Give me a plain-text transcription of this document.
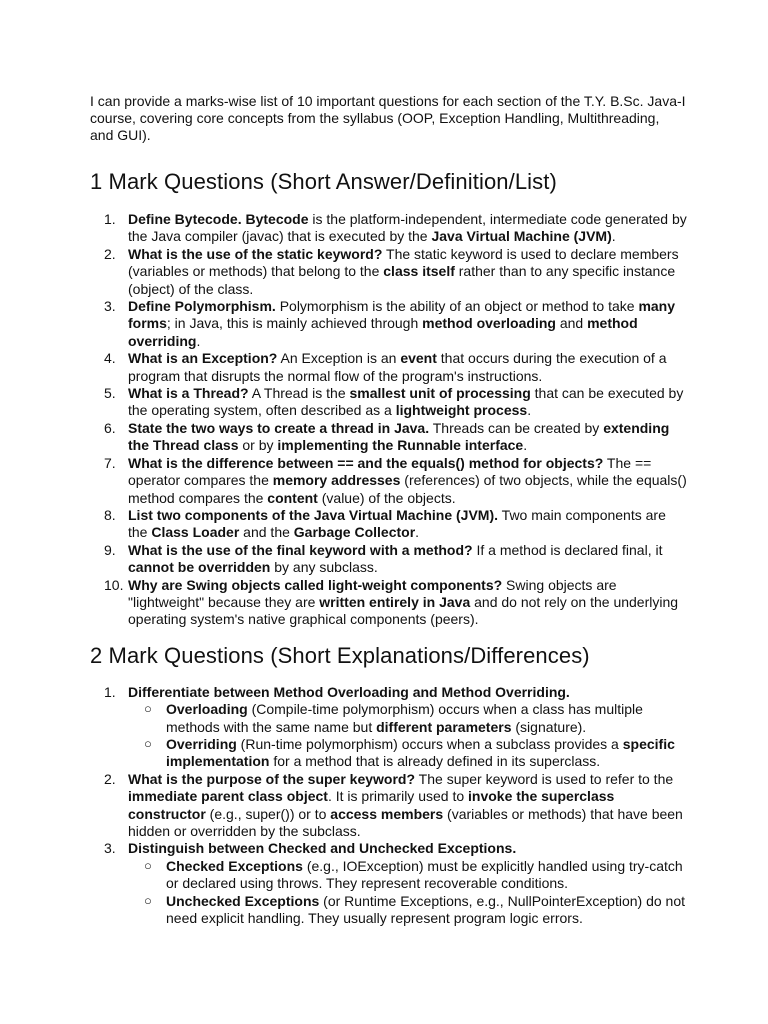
I can provide a marks-wise list of 10 important questions for each section of the T.Y. B.Sc. Java-I course, covering core concepts from the syllabus (OOP, Exception Handling, Multithreading, and GUI).

1 Mark Questions (Short Answer/Definition/List)
1. Define Bytecode. Bytecode is the platform-independent, intermediate code generated by the Java compiler (javac) that is executed by the Java Virtual Machine (JVM).
2. What is the use of the static keyword? The static keyword is used to declare members (variables or methods) that belong to the class itself rather than to any specific instance (object) of the class.
3. Define Polymorphism. Polymorphism is the ability of an object or method to take many forms; in Java, this is mainly achieved through method overloading and method overriding.
4. What is an Exception? An Exception is an event that occurs during the execution of a program that disrupts the normal flow of the program's instructions.
5. What is a Thread? A Thread is the smallest unit of processing that can be executed by the operating system, often described as a lightweight process.
6. State the two ways to create a thread in Java. Threads can be created by extending the Thread class or by implementing the Runnable interface.
7. What is the difference between == and the equals() method for objects? The == operator compares the memory addresses (references) of two objects, while the equals() method compares the content (value) of the objects.
8. List two components of the Java Virtual Machine (JVM). Two main components are the Class Loader and the Garbage Collector.
9. What is the use of the final keyword with a method? If a method is declared final, it cannot be overridden by any subclass.
10. Why are Swing objects called light-weight components? Swing objects are "lightweight" because they are written entirely in Java and do not rely on the underlying operating system's native graphical components (peers).
2 Mark Questions (Short Explanations/Differences)
1. Differentiate between Method Overloading and Method Overriding.
○ Overloading (Compile-time polymorphism) occurs when a class has multiple methods with the same name but different parameters (signature).
○ Overriding (Run-time polymorphism) occurs when a subclass provides a specific implementation for a method that is already defined in its superclass.
2. What is the purpose of the super keyword? The super keyword is used to refer to the immediate parent class object. It is primarily used to invoke the superclass constructor (e.g., super()) or to access members (variables or methods) that have been hidden or overridden by the subclass.
3. Distinguish between Checked and Unchecked Exceptions.
○ Checked Exceptions (e.g., IOException) must be explicitly handled using try-catch or declared using throws. They represent recoverable conditions.
○ Unchecked Exceptions (or Runtime Exceptions, e.g., NullPointerException) do not need explicit handling. They usually represent program logic errors.
